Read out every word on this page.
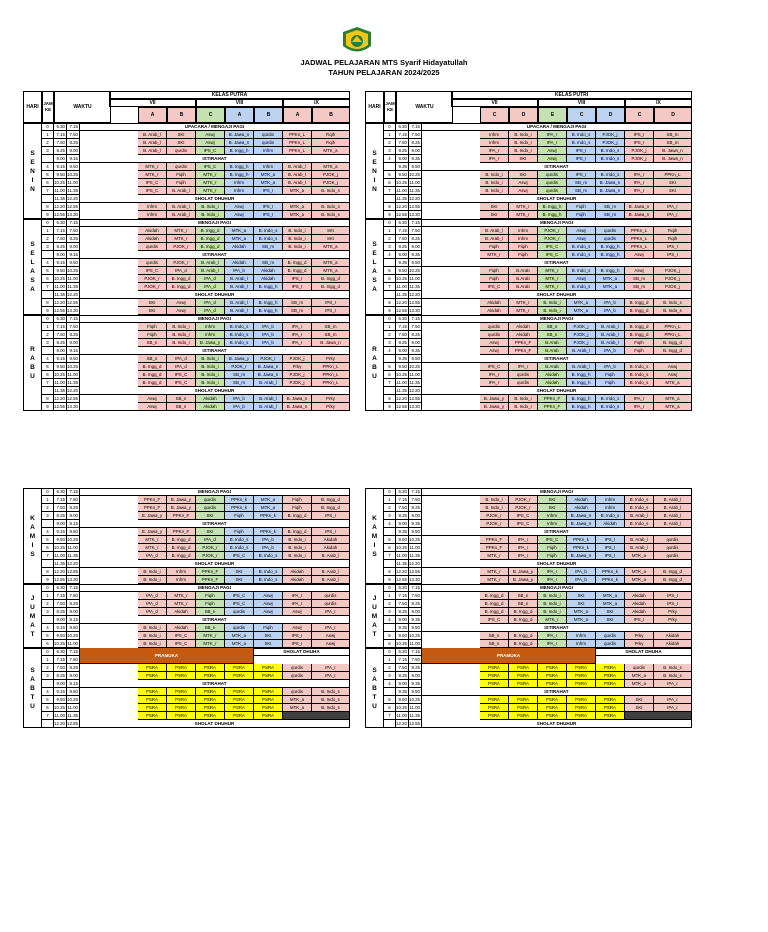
JADWAL PELAJARAN MTS Syarif Hidayatullah
TAHUN PELAJARAN 2024/2025
HARI
JAM KE	WAKTU
KELAS PUTRA
VII	VIII	IX
A	B	C	A	B	A	B
0	6.30	7.15	UPACARA / MENGAJI PAGI
1	7.15	7.50	B. Arab_l	SKI	Aswj	B. Jawa_n	qurdis	PPKn_L	Fiqih
2	7.50	8.25	B. Arab_l	SKI	Aswj	B. Jawa_n	qurdis	PPKn_L	Fiqih
3	8.25	9.00	B. Arab_l	qurdis	IPS_C	B. Ingg_h	Infrm	PPKn_L	MTK_a
9.00	9.15	ISTIRAHAT
4	9.15	9.50	MTK_r	qurdis	IPS_C	B. Ingg_h	Infrm	B. Arab_l	MTK_a
5	9.50 10.25	MTK_r	Fiqih	MTK_r	B. Ingg_h	MTK_a	B. Arab_l	PJOK_j
6	10.25 11.00	IPS_C	Fiqih	MTK_r	Infrm	MTK_a	B. Arab_l	PJOK_j
7	11.00 11.35	IPS_C	B. Arab_l	MTK_r	Infrm	IPS_I	MTK_a	B. Indo_s
11.35 12.20	SHOLAT DHUHUR
8	12.20 12.55	Infrm	B. Arab_l	B. Indo_i	Aswj	IPS_I	MTK_a	B. Indo_s
9	12.55 13.30	Infrm	B. Arab_l	B. Indo_i	Aswj	IPS_I	MTK_a	B. Indo_s
S
E
N
I
N
0	6.30	7.15	MENGAJI PAGI
1	7.15	7.50	Akidah	MTK_r	B. Ingg_d	MTK_a	B. Indo_s	B. Indo_i	SKI
2	7.50	8.25	Akidah	MTK_r	B. Ingg_d	MTK_a	B. Indo_s	B. Indo_i	SKI
3	8.25	9.00	qurdis	PJOK_r	B. Ingg_d	Akidah	SB_m	B. Indo_i	MTK_a
9.00	9.15	ISTIRAHAT
4	9.15	9.50	qurdis	PJOK_r	B. Arab_l	Akidah	SB_m	B. Ingg_d	MTK_a
5	9.50 10.25	IPS_C	IPA_d	B. Arab_l	IPA_b	Akidah	B. Ingg_d	MTK_a
6	10.25 11.00	PJOK_r	B. Ingg_d	IPA_d	B. Arab_l	Akidah	IPS_I	B. Ingg_d
7	11.00 11.35	PJOK_r	B. Ingg_d	IPA_d	B. Arab_l	B. Ingg_h	IPS_I	B. Ingg_d
11.35 12.20	SHOLAT DHUHUR
8	12.20 12.55	SKI	Aswj	IPA_d	B. Arab_l	B. Ingg_h	SB_m	IPS_I
9	12.55 13.30	SKI	Aswj	IPA_d	B. Arab_l	B. Ingg_h	SB_m	IPS_I
S
E
L
A
S
A
0	6.30	7.15	MENGAJI PAGI
1	7.15	7.50	Fiqih	B. Indo_i	Infrm	B. Indo_s	IPA_b	IPA_r	SB_m
2	7.50	8.25	Fiqih	B. Indo_i	Infrm	B. Indo_s	IPA_b	IPA_r	SB_m
3	8.25	9.00	SB_n	B. Indo_i	B. Jawa_y	B. Indo_s	IPA_b	IPA_r	B. Jawa_n
9.00	9.15	ISTIRAHAT
4	9.15	9.50	SB_n	IPA_d	B. Indo_i	B. Jawa_y	PJOK_r	PJOK_j	Prky
5	9.50 10.25	B. Ingg_d	IPA_d	B. Indo_i	PJOK_r	B. Jawa_n	Prky	PPKn_L
6	10.25 11.00	B. Ingg_d	IPS_C	B. Indo_i	SB_m	B. Jawa_n	PJOK_j	PPKn_L
7	11.00 11.35	B. Ingg_d	IPS_C	B. Indo_i	SB_m	B. Arab_l	PJOK_j	PPKn_L
11.35 12.20	SHOLAT DHUHUR
8	12.20 12.55	Aswj	SB_n	Akidah	IPA_b	B. Arab_l	B. Jawa_n	Prky
9	12.55 13.30	Aswj	SB_n	Akidah	IPA_b	B. Arab_l	B. Jawa_n	Prky
R
A
B
U
HARI
JAM KE	WAKTU
KELAS PUTRI
VII	VIII	IX
C	D	E	C	D	C	D
0	6.30	7.15	UPACARA / MENGAJI PAGI
1	7.15	7.50	Infrm	B. Indo_i	IPA_r	B. Indo_s	PJOK_j	IPS_I	SB_m
2	7.50	8.25	Infrm	B. Indo_i	IPA_r	B. Indo_s	PJOK_j	IPS_I	SB_m
3	8.25	9.00	IPA_r	B. Indo_i	Aswj	IPS_I	B. Indo_s	PJOK_j	B. Jawa_n
4	9.00	9.35	IPA_r	SKI	Aswj	IPS_I	B. Indo_s	PJOK_j	B. Jawa_n
9.35	9.50	ISTIRAHAT
5	9.50 10.25	B. Indo_i	SKI	qurdis	IPS_I	B. Indo_s	IPA_r	PPKn_L
6	10.25 11.00	B. Indo_i	Aswj	qurdis	SB_m	B. Jawa_n	IPA_r	SKI
7	11.00 11.35	B. Indo_i	Aswj	qurdis	SB_m	B. Jawa_n	IPA_r	SKI
11.35 12.20	SHOLAT DHUHUR
8	12.20 12.55	SKI	MTK_r	B. Ingg_h	Fiqih	SB_m	B. Jawa_n	IPA_r
9	12.55 13.30	SKI	MTK_r	B. Ingg_h	Fiqih	SB_m	B. Jawa_n	IPA_r
S
E
N
I
N
0	6.30	7.15	MENGAJI PAGI
1	7.15	7.50	B. Arab_l	Infrm	PJOK_r	Aswj	qurdis	PPKn_L	Fiqih
2	7.50	8.25	B. Arab_l	Infrm	PJOK_r	Aswj	qurdis	PPKn_L	Fiqih
3	8.25	9.00	Fiqih	Fiqih	IPS_C	B. Indo_s	B. Ingg_h	PPKn_L	IPS_I
4	9.00	9.35	MTK_r	Fiqih	IPS_C	B. Indo_s	B. Ingg_h	Aswj	IPS_I
9.35	9.50	ISTIRAHAT
5	9.50 10.25	Fiqih	B.Arab	MTK_r	B. Indo_s	B. Ingg_h	Aswj	PJOK_j
6	10.25 11.00	Fiqih	B.Arab	MTK_r	Aswj	MTK_a	SB_m	PJOK_j
7	11.00 11.35	IPS_C	B.Arab	MTK_r	B. Indo_s	MTK_a	SB_m	PJOK_j
11.35 12.20	SHOLAT DHUHUR
8	12.20 12.55	Akidah	MTK_r	B. Indo_i	MTK_a	IPA_b	B. Ingg_d	B. Indo_s
9	12.55 13.30	Akidah	MTK_r	B. Indo_i	MTK_a	IPA_b	B. Ingg_d	B. Indo_s
S
E
L
A
S
A
0	6.30	7.15	MENGAJI PAGI
1	7.15	7.50	qurdis	Akidah	SB_n	PJOK_j	B. Arab_l	B. Ingg_d	PPKn_L
2	7.50	8.25	qurdis	Akidah	SB_n	PJOK_j	B. Arab_l	B. Ingg_d	PPKn_L
3	8.25	9.00	Aswj	PPKn_F	B.Arab	PJOK_j	B. Arab_l	Fiqih	B. Ingg_d
4	9.00	9.35	Aswj	PPKn_F	B.Arab	B. Arab_l	IPA_b	Fiqih	B. Ingg_d
9.35	9.50	ISTIRAHAT
5	9.50 10.25	IPS_C	IPA_r	B.Arab	B. Arab_l	IPA_b	B. Indo_s	Aswj
6	10.25 11.00	IPA_r	qurdis	Akidah	B. Ingg_h	Fiqih	B. Indo_s	Aswj
7	11.00 11.35	IPA_r	qurdis	Akidah	B. Ingg_h	Fiqih	B. Indo_s	MTK_a
11.35 12.20	SHOLAT DHUHUR
8	12.20 12.55	B. Jawa_y	B. Indo_i	PPKn_F	B. Ingg_h	B. Indo_s	IPA_r	MTK_a
9	12.55 13.30	B. Jawa_y	B. Indo_i	PPKn_F	B. Ingg_h	B. Indo_s	IPA_r	MTK_a
R
A
B
U
0	6.30	7.15	MENGAJI PAGI
1	7.15	7.50	PPKn_F	B. Jawa_y	qurdis	PPKn_k	MTK_a	Fiqih	B. Ingg_d
2	7.50	8.25	PPKn_F	B. Jawa_y	qurdis	PPKn_k	MTK_a	Fiqih	B. Ingg_d
3	8.25	9.00	B. Jawa_y	PPKn_F	SKI	Fiqih	PPKn_k	B. Ingg_d	IPS_I
9.00	9.15	ISTIRAHAT
4	9.15	9.50	B. Jawa_y	PPKn_F	SKI	Fiqih	PPKn_k	B. Ingg_d	IPS_I
5	9.50 10.25	MTK_r	B. Ingg_d	IPA_d	B. Indo_s	IPA_b	B. Indo_i	Akidah
6	10.25 11.00	MTK_r	B. Ingg_d	PJOK_r	B. Indo_s	IPA_b	B. Indo_i	Akidah
7	11.00 11.35	IPA_d	B. Ingg_d	PJOK_r	IPS_C	B. Indo_s	B. Indo_i	B. Arab_l
11.35 12.20	SHOLAT DHUHUR
8	12.20 12.55	B. Indo_i	Infrm	PPKn_F	SKI	B. Indo_s	Akidah	B. Arab_l
9	12.55 13.30	B. Indo_i	Infrm	PPKn_F	SKI	B. Indo_s	Akidah	B. Arab_l
K
A
M
I
S
0	6.30	7.15	MENGAJI PAGI
1	7.15	7.50	IPA_d	MTK_r	Fiqih	IPS_C	Aswj	IPA_r	qurdis
2	7.50	8.25	IPA_d	MTK_r	Fiqih	IPS_C	Aswj	IPA_r	qurdis
3	8.25	9.00	IPA_d	Akidah	SB_n	qurdis	Aswj	Aswj	IPA_r
9.00	9.15	ISTIRAHAT
4	9.15	9.50	B. Indo_i	Akidah	SB_n	qurdis	Fiqih	Aswj	IPA_r
5	9.50 10.25	B. Indo_i	IPS_C	MTK_r	MTK_a	SKI	IPS_I	Aswj
6	10.25 11.00	B. Indo_i	IPS_C	MTK_r	MTK_a	SKI	IPS_I	Aswj
J
U
M
A
T
0	6.30	7.15
PRAMUKA
SHOLAT DHUHA
1	7.15	7.50
2	7.50	8.25	PSRA	PSRA	PSRA	PSRA	PSRA	qurdis	IPA_r
3	8.25	9.00	PSRA	PSRA	PSRA	PSRA	PSRA	qurdis	IPA_r
9.00	9.15	ISTIRAHAT
4	9.15	9.50	PSRA	PSRA	PSRA	PSRA	PSRA	qurdis	B. Indo_s
5	9.50 10.25	PSRA	PSRA	PSRA	PSRA	PSRA	MTK_a	B. Indo_s
6	10.25 11.00	PSRA	PSRA	PSRA	PSRA	PSRA	MTK_a	B. Indo_s
7	11.00 11.35	PSRA	PSRA	PSRA	PSRA	PSRA
12.20 12.55	SHOLAT DHUHUR
S
A
B
T
U
0	6.30	7.15	MENGAJI PAGI
1	7.15	7.50	B. Indo_i	PJOK_r	SKI	Akidah	Infrm	B. Indo_s	B. Arab_l
2	7.50	8.25	B. Indo_i	PJOK_r	SKI	Akidah	Infrm	B. Indo_s	B. Arab_l
3	8.25	9.00	PJOK_r	IPS_C	Infrm	B. Jawa_n	B. Indo_s	B. Arab_l	B. Arab_l
4	9.00	9.35	PJOK_r	IPS_C	Infrm	B. Jawa_n	Akidah	B. Indo_s	B. Arab_l
9.35	9.50	ISTIRAHAT
5	9.50 10.25	PPKn_F	IPA_r	IPS_C	PPKn_k	IPS_I	B. Arab_l	qurdis
6	10.25 11.00	PPKn_F	IPA_r	Fiqih	PPKn_k	IPS_I	B. Arab_l	qurdis
7	11.00 11.35	MTK_r	IPA_r	Fiqih	B. Jawa_n	IPS_I	MTK_a	qurdis
11.35 12.20	SHOLAT DHUHUR
8	12.20 12.55	MTK_r	B. Jawa_y	IPA_r	IPA_b	PPKn_k	MTK_a	B. Ingg_d
9	12.55 13.30	MTK_r	B. Jawa_y	IPA_r	IPA_b	PPKn_k	MTK_a	B. Ingg_d
K
A
M
I
S
0	6.30	7.15	MENGAJI PAGI
1	7.15	7.50	B. Ingg_d	SB_n	B. Indo_i	SKI	MTK_a	Akidah	IPS_I
2	7.50	8.25	B. Ingg_d	SB_n	B. Indo_i	SKI	MTK_a	Akidah	IPS_I
3	8.25	9.00	B. Ingg_d	B. Ingg_d	B. Indo_i	MTK_a	SKI	Akidah	Prky
4	9.00	9.35	IPS_C	B. Ingg_d	MTK_r	MTK_a	SKI	IPS_I	Prky
9.35	9.50	ISTIRAHAT
5	9.50 10.25	SB_n	B. Ingg_d	IPA_r	Infrm	qurdis	Prky	Akidah
6	10.25 11.00	SB_n	B. Ingg_d	IPA_r	Infrm	qurdis	Prky	Akidah
J
U
M
A
T
0	6.30	7.15
PRAMUKA
SHOLAT DHUHA
1	7.15	7.50
2	7.50	8.25	PSRA	PSRA	PSRA	PSRA	PSRA	qurdis	B. Indo_s
3	8.25	9.00	PSRA	PSRA	PSRA	PSRA	PSRA	MTK_a	B. Indo_s
4	9.00	9.35	PSRA	PSRA	PSRA	PSRA	PSRA	MTK_a	IPA_r
9.35	9.50	ISTIRAHAT
5	9.50 10.25	PSRA	PSRA	PSRA	PSRA	PSRA	SKI	IPA_r
6	10.25 11.00	PSRA	PSRA	PSRA	PSRA	PSRA	SKI	IPA_r
7	11.00 11.35	PSRA	PSRA	PSRA	PSRA	PSRA
12.20 12.55	SHOLAT DHUHUR
S
A
B
T
U
